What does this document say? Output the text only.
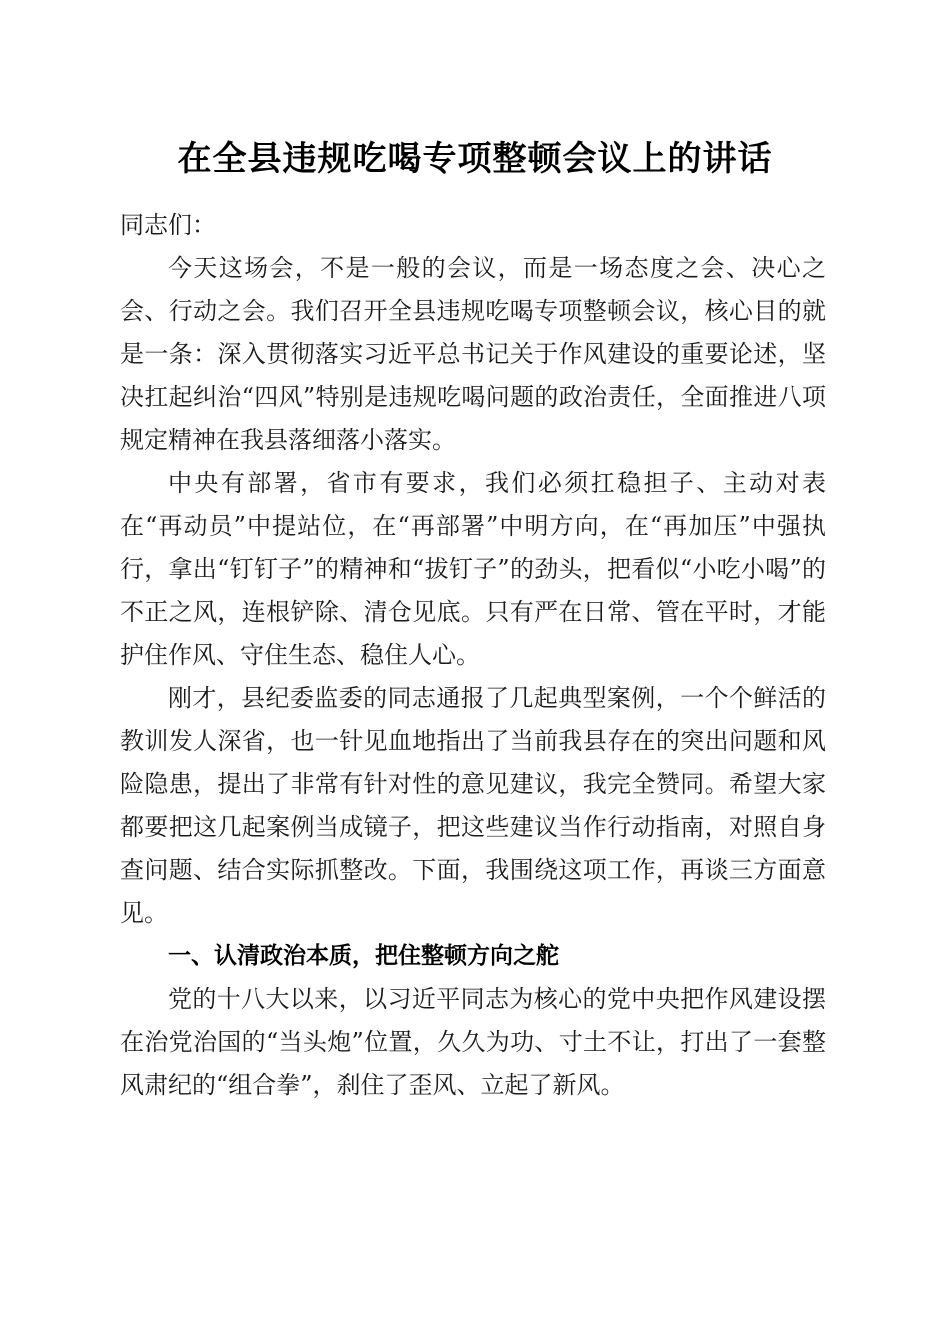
在全县违规吃喝专项整顿会议上的讲话

同志们：

今天这场会，不是一般的会议，而是一场态度之会、决心之会、行动之会。我们召开全县违规吃喝专项整顿会议，核心目的就是一条：深入贯彻落实习近平总书记关于作风建设的重要论述，坚决扛起纠治“四风”特别是违规吃喝问题的政治责任，全面推进八项规定精神在我县落细落小落实。

中央有部署，省市有要求，我们必须扛稳担子、主动对表在“再动员”中提站位，在“再部署”中明方向，在“再加压”中强执行，拿出“钉钉子”的精神和“拔钉子”的劲头，把看似“小吃小喝”的不正之风，连根铲除、清仓见底。只有严在日常、管在平时，才能护住作风、守住生态、稳住人心。

刚才，县纪委监委的同志通报了几起典型案例，一个个鲜活的教训发人深省，也一针见血地指出了当前我县存在的突出问题和风险隐患，提出了非常有针对性的意见建议，我完全赞同。希望大家都要把这几起案例当成镜子，把这些建议当作行动指南，对照自身查问题、结合实际抓整改。下面，我围绕这项工作，再谈三方面意见。

一、认清政治本质，把住整顿方向之舵

党的十八大以来，以习近平同志为核心的党中央把作风建设摆在治党治国的“当头炮”位置，久久为功、寸土不让，打出了一套整风肃纪的“组合拳”，刹住了歪风、立起了新风。
